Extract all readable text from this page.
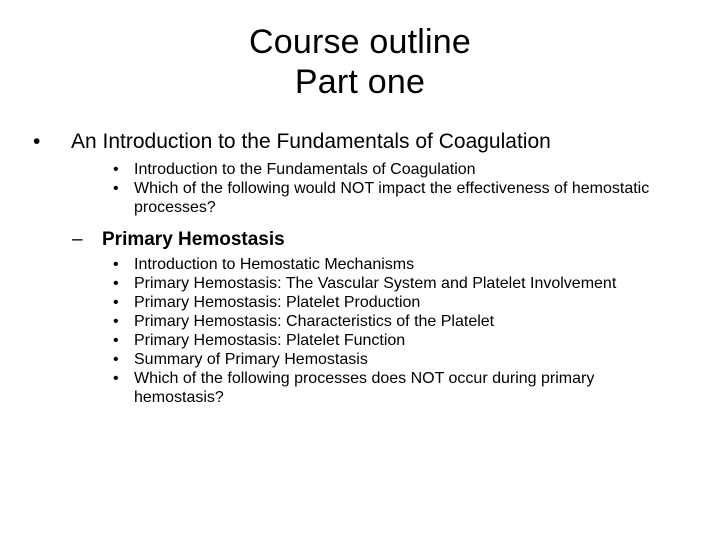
Course outline
Part one
• An Introduction to the Fundamentals of Coagulation
• Introduction to the Fundamentals of Coagulation
• Which of the following would NOT impact the effectiveness of hemostatic processes?
– Primary Hemostasis
• Introduction to Hemostatic Mechanisms
• Primary Hemostasis: The Vascular System and Platelet Involvement
• Primary Hemostasis: Platelet Production
• Primary Hemostasis: Characteristics of the Platelet
• Primary Hemostasis: Platelet Function
• Summary of Primary Hemostasis
• Which of the following processes does NOT occur during primary hemostasis?
